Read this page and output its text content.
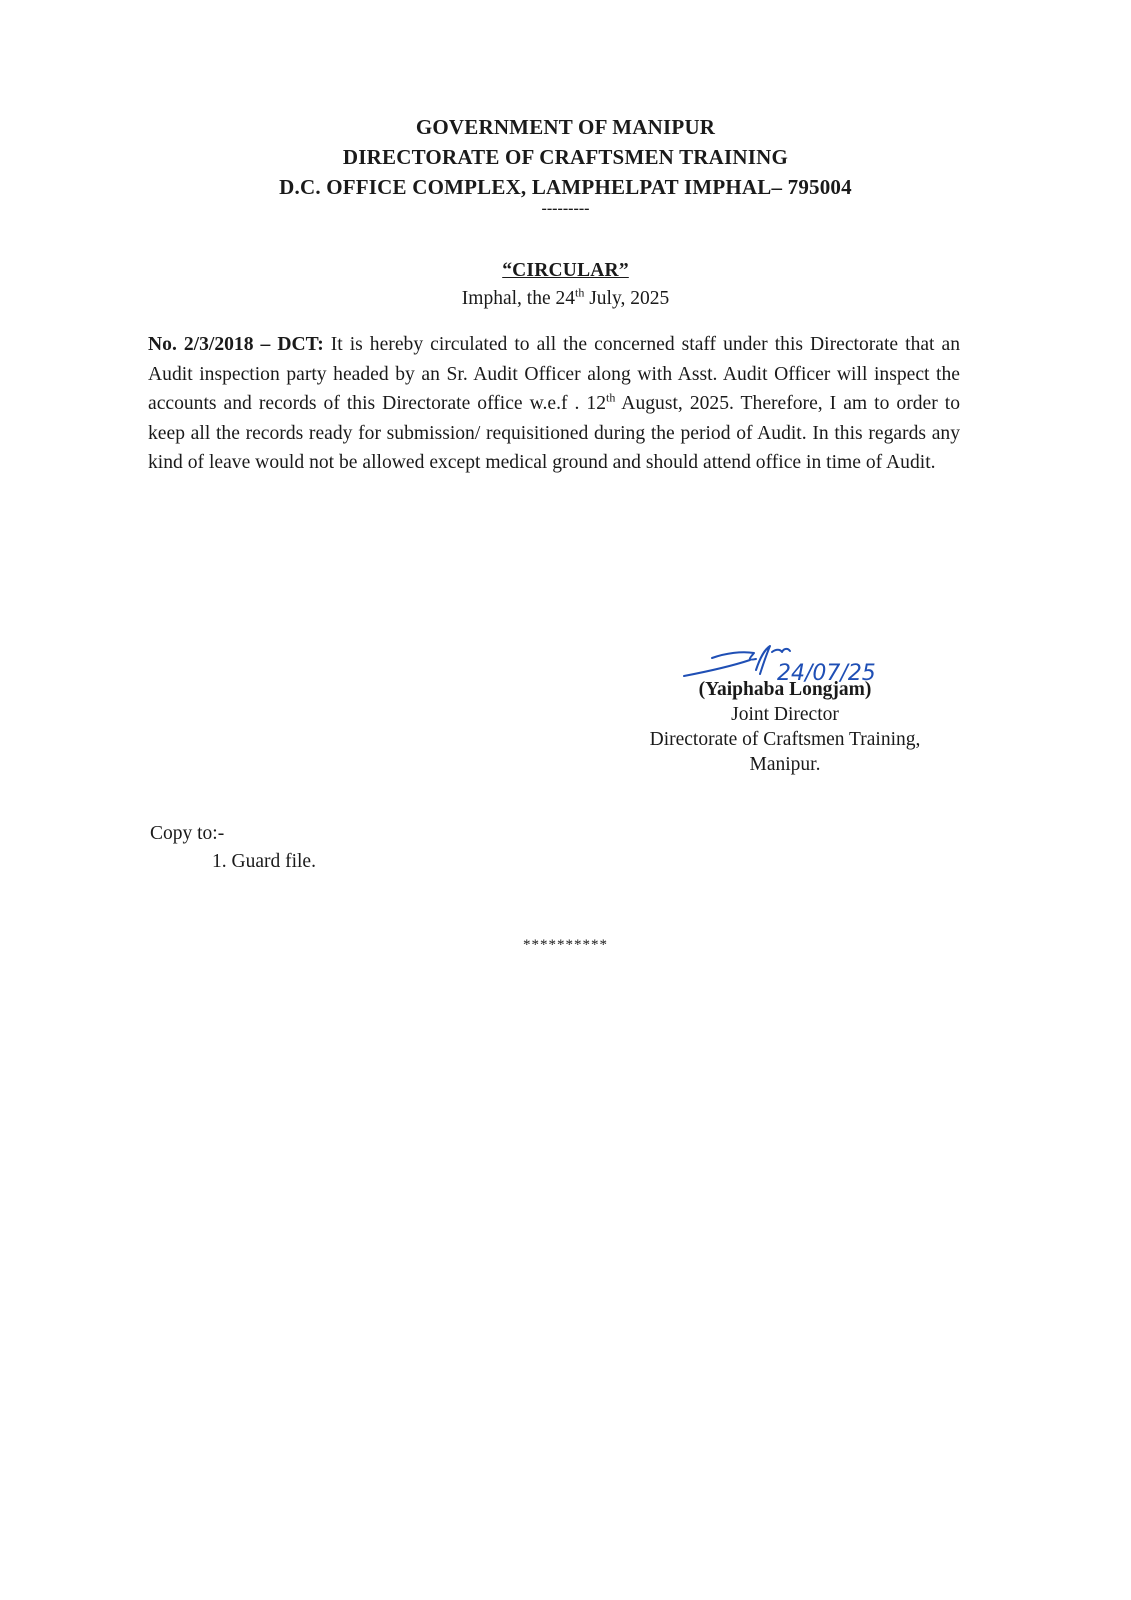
GOVERNMENT OF MANIPUR
DIRECTORATE OF CRAFTSMEN TRAINING
D.C. OFFICE COMPLEX, LAMPHELPAT IMPHAL– 795004
---------
“CIRCULAR”
Imphal, the 24th July, 2025
No. 2/3/2018 – DCT: It is hereby circulated to all the concerned staff under this Directorate that an Audit inspection party headed by an Sr. Audit Officer along with Asst. Audit Officer will inspect the accounts and records of this Directorate office w.e.f . 12th August, 2025. Therefore, I am to order to keep all the records ready for submission/ requisitioned during the period of Audit. In this regards any kind of leave would not be allowed except medical ground and should attend office in time of Audit.
24/07/25
(Yaiphaba Longjam)
Joint Director
Directorate of Craftsmen Training,
Manipur.
Copy to:-
1. Guard file.
**********
